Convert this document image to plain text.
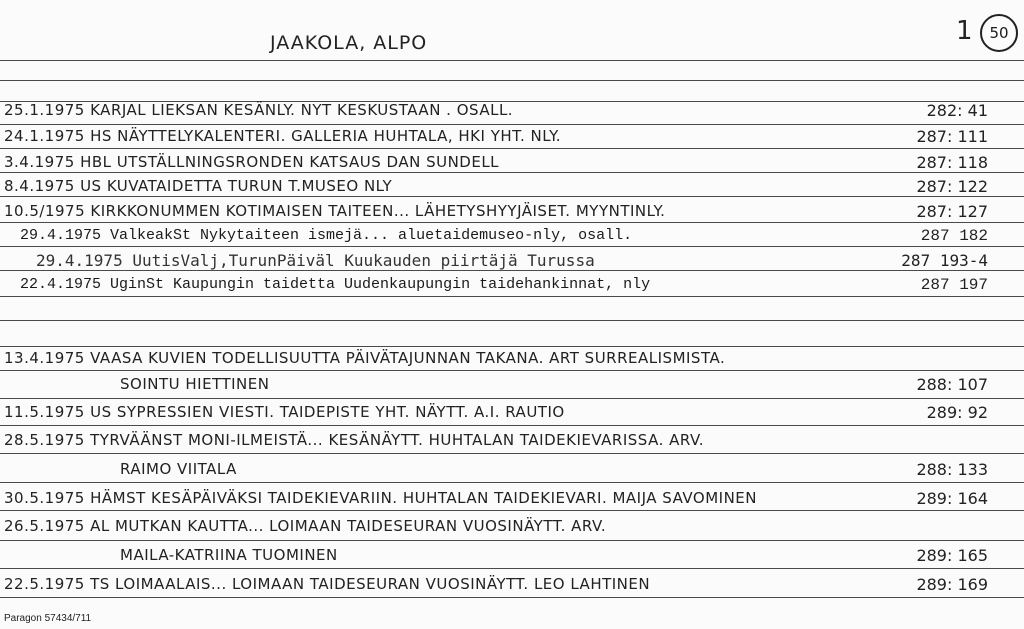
JAAKOLA, ALPO	1	50
25.1.1975 KARJAL LIEKSAN KESÄNLY. NYT KESKUSTAAN . OSALL.	282: 41
24.1.1975 HS NÄYTTELYKALENTERI. GALLERIA HUHTALA, HKI YHT. NLY.	287: 111
3.4.1975 HBL UTSTÄLLNINGSRONDEN KATSAUS DAN SUNDELL	287: 118
8.4.1975 US KUVATAIDETTA TURUN T.MUSEO NLY	287: 122
10.5/1975 KIRKKONUMMEN KOTIMAISEN TAITEEN... LÄHETYSHYYJÄISET. MYYNTINLY.	287: 127
29.4.1975 ValkeakSt Nykytaiteen ismejä... aluetaidemuseo-nly, osall.	287 182
29.4.1975 UutisValj,TurunPäiväl Kuukauden piirtäjä Turussa	287 193-4
22.4.1975 UginSt Kaupungin taidetta Uudenkaupungin taidehankinnat, nly	287 197
13.4.1975 VAASA KUVIEN TODELLISUUTTA PÄIVÄTAJUNNAN TAKANA. ART SURREALISMISTA.
SOINTU HIETTINEN	288: 107
11.5.1975 US SYPRESSIEN VIESTI. TAIDEPISTE YHT. NÄYTT. A.I. RAUTIO	289: 92
28.5.1975 TYRVÄÄNST MONI-ILMEISTÄ... KESÄNÄYTT. HUHTALAN TAIDEKIEVARISSA. ARV.
RAIMO VIITALA	288: 133
30.5.1975 HÄMST KESÄPÄIVÄKSI TAIDEKIEVARIIN. HUHTALAN TAIDEKIEVARI. MAIJA SAVOMINEN	289: 164
26.5.1975 AL MUTKAN KAUTTA... LOIMAAN TAIDESEURAN VUOSINÄYTT. ARV.
MAILA-KATRIINA TUOMINEN	289: 165
22.5.1975 TS LOIMAALAIS... LOIMAAN TAIDESEURAN VUOSINÄYTT. LEO LAHTINEN	289: 169
Paragon 57434/711
